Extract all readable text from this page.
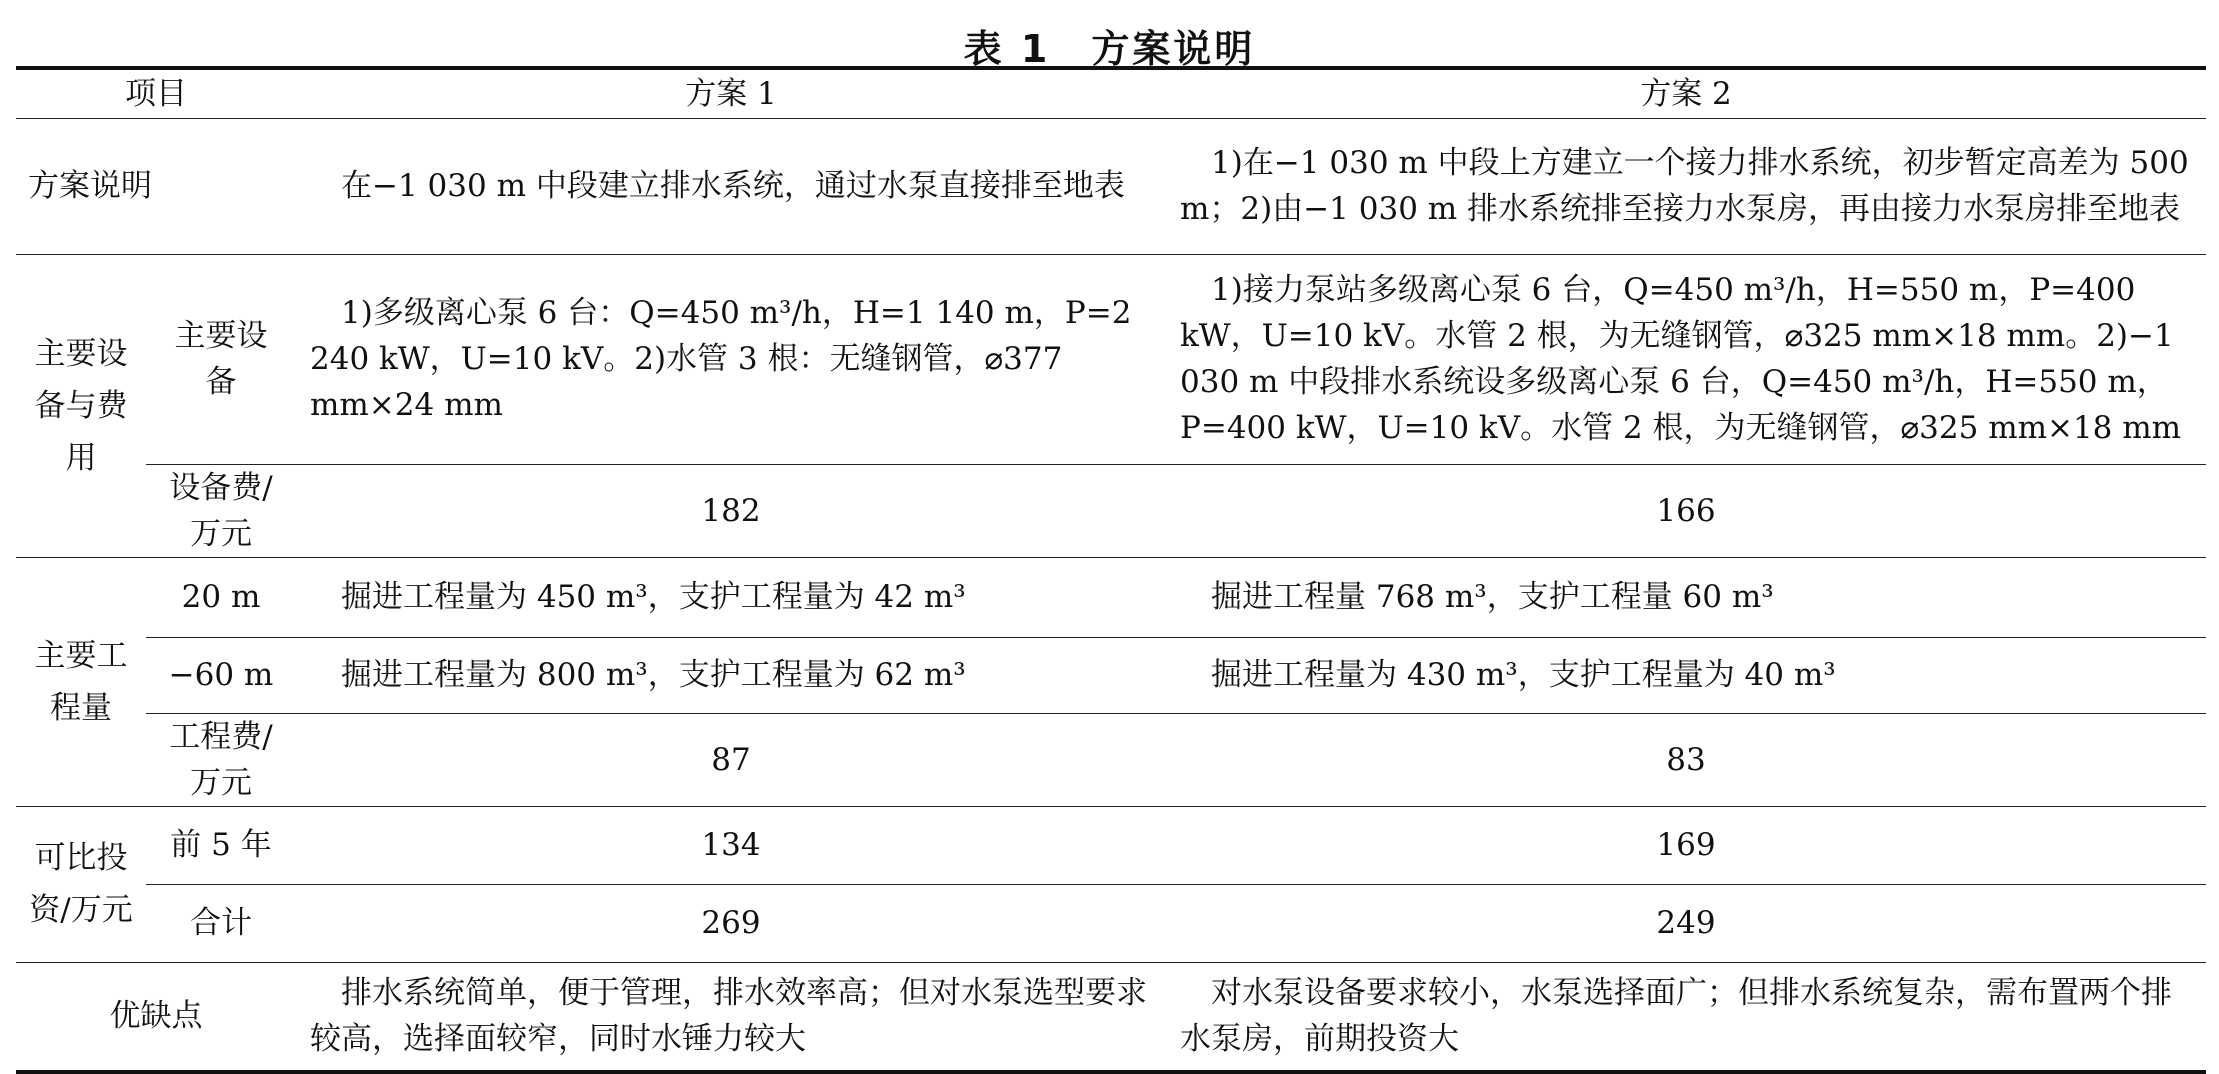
表 1　方案说明
项目		方案 1	方案 2
方案说明		在−1 030 m 中段建立排水系统，通过水泵直接排至地表	1)在−1 030 m 中段上方建立一个接力排水系统，初步暂定高差为 500 m；2)由−1 030 m 排水系统排至接力水泵房，再由接力水泵房排至地表
主要设备与费用	主要设备	1)多级离心泵 6 台：Q=450 m³/h，H=1 140 m，P=2 240 kW，U=10 kV。2)水管 3 根：无缝钢管，⌀377 mm×24 mm	1)接力泵站多级离心泵 6 台，Q=450 m³/h，H=550 m，P=400 kW，U=10 kV。水管 2 根，为无缝钢管，⌀325 mm×18 mm。2)−1 030 m 中段排水系统设多级离心泵 6 台，Q=450 m³/h，H=550 m，P=400 kW，U=10 kV。水管 2 根，为无缝钢管，⌀325 mm×18 mm
	设备费/万元	182	166
主要工程量	20 m	掘进工程量为 450 m³，支护工程量为 42 m³	掘进工程量 768 m³，支护工程量 60 m³
	−60 m	掘进工程量为 800 m³，支护工程量为 62 m³	掘进工程量为 430 m³，支护工程量为 40 m³
	工程费/万元	87	83
可比投资/万元	前 5 年	134	169
	合计	269	249
优缺点		排水系统简单，便于管理，排水效率高；但对水泵选型要求较高，选择面较窄，同时水锤力较大	对水泵设备要求较小，水泵选择面广；但排水系统复杂，需布置两个排水泵房，前期投资大
